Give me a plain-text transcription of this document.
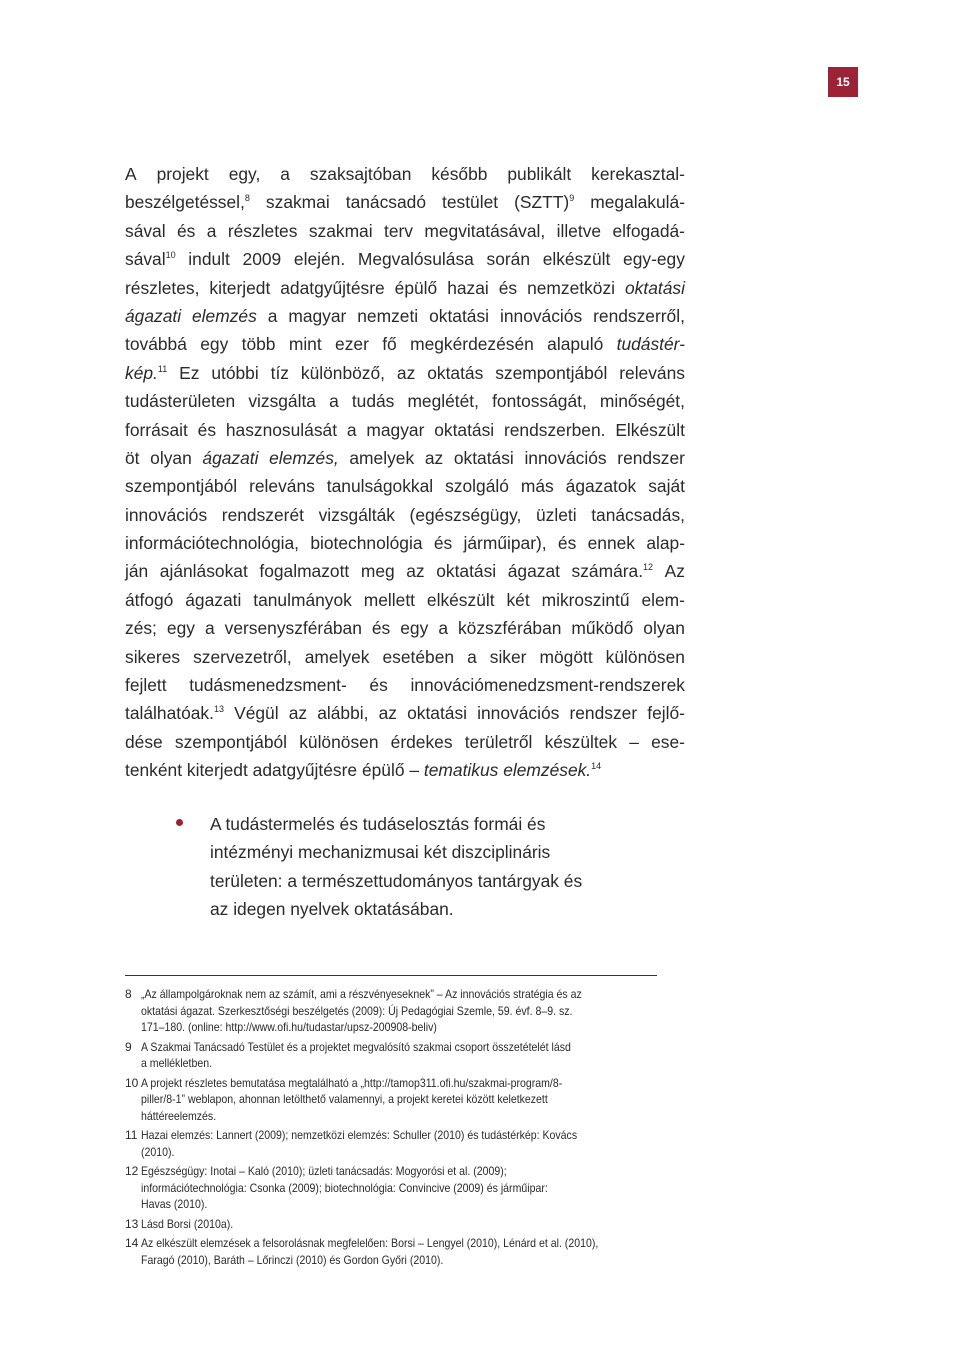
15
A projekt egy, a szaksajtóban később publikált kerekasztal-
beszélgetéssel,$^8$ szakmai tanácsadó testület (SZTT)$^9$ megalakulá-
sával és a részletes szakmai terv megvitatásával, illetve elfogadá-
sával$^{10}$ indult 2009 elején. Megvalósulása során elkészült egy-egy
részletes, kiterjedt adatgyűjtésre épülő hazai és nemzetközi oktatási
ágazati elemzés a magyar nemzeti oktatási innovációs rendszerről,
továbbá egy több mint ezer fő megkérdezésén alapuló tudástér-
kép.$^{11}$ Ez utóbbi tíz különböző, az oktatás szempontjából releváns
tudásterületen vizsgálta a tudás meglétét, fontosságát, minőségét,
forrásait és hasznosulását a magyar oktatási rendszerben. Elkészült
öt olyan ágazati elemzés, amelyek az oktatási innovációs rendszer
szempontjából releváns tanulságokkal szolgáló más ágazatok saját
innovációs rendszerét vizsgálták (egészségügy, üzleti tanácsadás,
információtechnológia, biotechnológia és járműipar), és ennek alap-
ján ajánlásokat fogalmazott meg az oktatási ágazat számára.$^{12}$ Az
átfogó ágazati tanulmányok mellett elkészült két mikroszintű elem-
zés; egy a versenyszférában és egy a közszférában működő olyan
sikeres szervezetről, amelyek esetében a siker mögött különösen
fejlett tudásmenedzsment- és innovációmenedzsment-rendszerek
találhatóak.$^{13}$ Végül az alábbi, az oktatási innovációs rendszer fejlő-
dése szempontjából különösen érdekes területről készültek – ese-
tenként kiterjedt adatgyűjtésre épülő – tematikus elemzések.$^{14}$
A tudástermelés és tudáselosztás formái és
intézményi mechanizmusai két diszciplináris
területen: a természettudományos tantárgyak és
az idegen nyelvek oktatásában.
8 „Az állampolgároknak nem az számít, ami a részvényeseknek” – Az innovációs stratégia és az
oktatási ágazat. Szerkesztőségi beszélgetés (2009): Új Pedagógiai Szemle, 59. évf. 8–9. sz.
171–180. (online: http://www.ofi.hu/tudastar/upsz-200908-beliv)
9 A Szakmai Tanácsadó Testület és a projektet megvalósító szakmai csoport összetételét lásd
a mellékletben.
10 A projekt részletes bemutatása megtalálható a „http://tamop311.ofi.hu/szakmai-program/8-
piller/8-1” weblapon, ahonnan letölthető valamennyi, a projekt keretei között keletkezett
háttéreelemzés.
11 Hazai elemzés: Lannert (2009); nemzetközi elemzés: Schuller (2010) és tudástérkép: Kovács
(2010).
12 Egészségügy: Inotai – Kaló (2010); üzleti tanácsadás: Mogyorósi et al. (2009);
információtechnológia: Csonka (2009); biotechnológia: Convincive (2009) és járműipar:
Havas (2010).
13 Lásd Borsi (2010a).
14 Az elkészült elemzések a felsorolásnak megfelelően: Borsi – Lengyel (2010), Lénárd et al. (2010),
Faragó (2010), Baráth – Lőrinczi (2010) és Gordon Győri (2010).
